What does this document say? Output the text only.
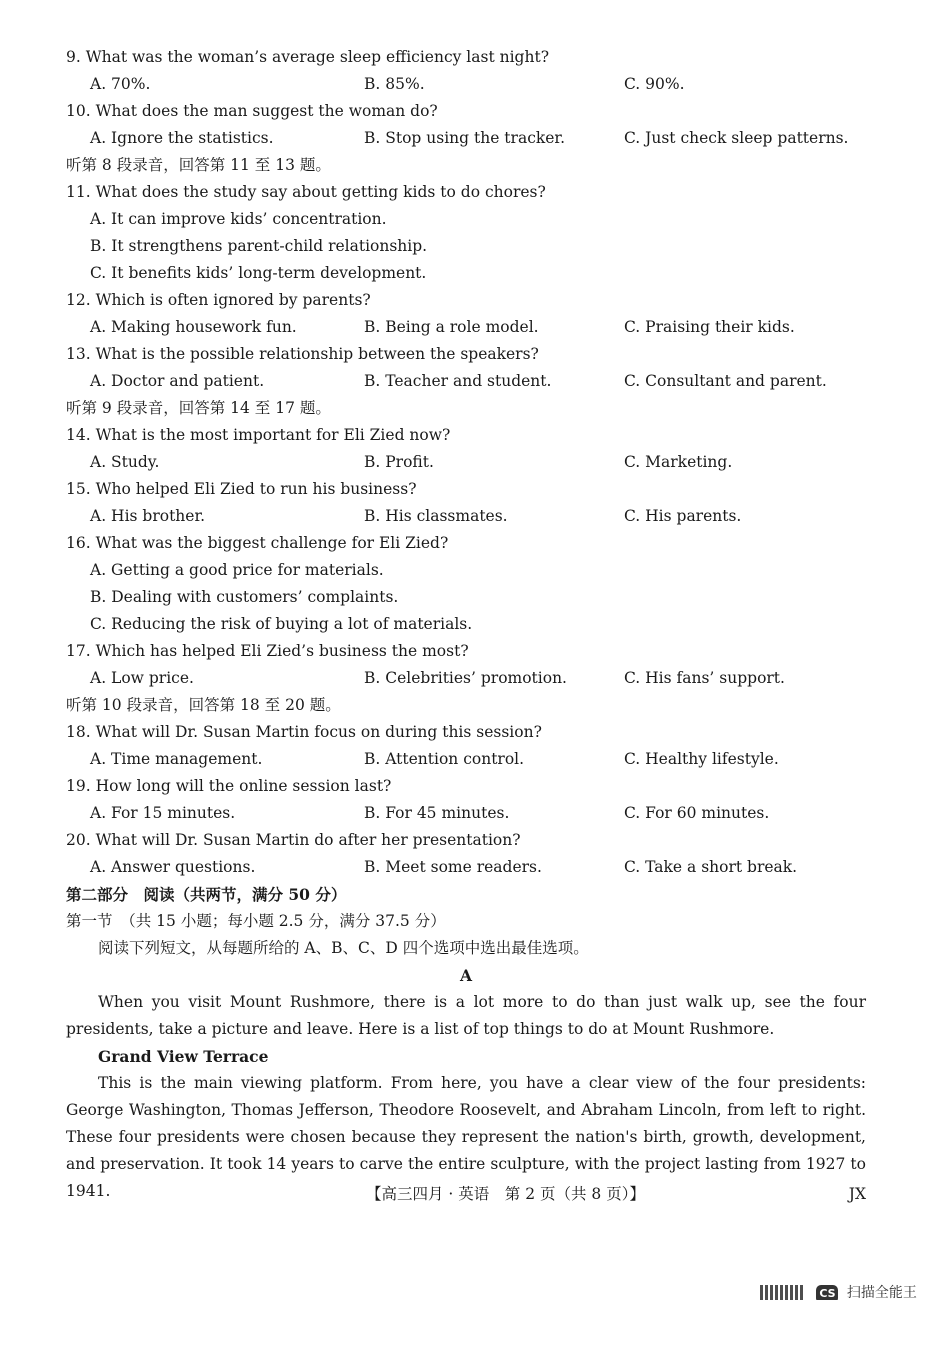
9. What was the woman’s average sleep efficiency last night?
A. 70%.	B. 85%.	C. 90%.
10. What does the man suggest the woman do?
A. Ignore the statistics.	B. Stop using the tracker.	C. Just check sleep patterns.
听第 8 段录音，回答第 11 至 13 题。
11. What does the study say about getting kids to do chores?
A. It can improve kids’ concentration.
B. It strengthens parent-child relationship.
C. It benefits kids’ long-term development.
12. Which is often ignored by parents?
A. Making housework fun.	B. Being a role model.	C. Praising their kids.
13. What is the possible relationship between the speakers?
A. Doctor and patient.	B. Teacher and student.	C. Consultant and parent.
听第 9 段录音，回答第 14 至 17 题。
14. What is the most important for Eli Zied now?
A. Study.	B. Profit.	C. Marketing.
15. Who helped Eli Zied to run his business?
A. His brother.	B. His classmates.	C. His parents.
16. What was the biggest challenge for Eli Zied?
A. Getting a good price for materials.
B. Dealing with customers’ complaints.
C. Reducing the risk of buying a lot of materials.
17. Which has helped Eli Zied’s business the most?
A. Low price.	B. Celebrities’ promotion.	C. His fans’ support.
听第 10 段录音，回答第 18 至 20 题。
18. What will Dr. Susan Martin focus on during this session?
A. Time management.	B. Attention control.	C. Healthy lifestyle.
19. How long will the online session last?
A. For 15 minutes.	B. For 45 minutes.	C. For 60 minutes.
20. What will Dr. Susan Martin do after her presentation?
A. Answer questions.	B. Meet some readers.	C. Take a short break.
第二部分　阅读（共两节，满分 50 分）
第一节　（共 15 小题；每小题 2.5 分，满分 37.5 分）
阅读下列短文，从每题所给的 A、B、C、D 四个选项中选出最佳选项。
A
When you visit Mount Rushmore, there is a lot more to do than just walk up, see the four presidents, take a picture and leave. Here is a list of top things to do at Mount Rushmore.
Grand View Terrace
This is the main viewing platform. From here, you have a clear view of the four presidents: George Washington, Thomas Jefferson, Theodore Roosevelt, and Abraham Lincoln, from left to right. These four presidents were chosen because they represent the nation's birth, growth, development, and preservation. It took 14 years to carve the entire sculpture, with the project lasting from 1927 to 1941.	【高三四月 · 英语　第 2 页（共 8 页）】	JX
CS 扫描全能王
